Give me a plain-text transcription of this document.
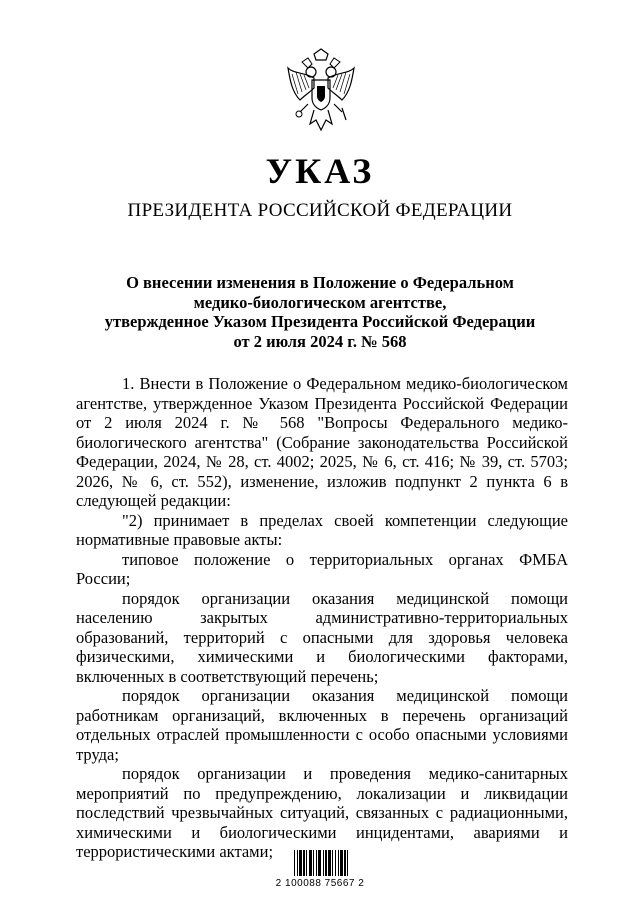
УКАЗ
ПРЕЗИДЕНТА РОССИЙСКОЙ ФЕДЕРАЦИИ
О внесении изменения в Положение о Федеральном
медико-биологическом агентстве,
утвержденное Указом Президента Российской Федерации
от 2 июля 2024 г. № 568

1. Внести в Положение о Федеральном медико-биологическом агентстве, утвержденное Указом Президента Российской Федерации от 2 июля 2024 г. № 568 "Вопросы Федерального медико-биологического агентства" (Собрание законодательства Российской Федерации, 2024, № 28, ст. 4002; 2025, № 6, ст. 416; № 39, ст. 5703; 2026, № 6, ст. 552), изменение, изложив подпункт 2 пункта 6 в следующей редакции:

"2) принимает в пределах своей компетенции следующие нормативные правовые акты:

типовое положение о территориальных органах ФМБА России;

порядок организации оказания медицинской помощи населению закрытых административно-территориальных образований, территорий с опасными для здоровья человека физическими, химическими и биологическими факторами, включенных в соответствующий перечень;

порядок организации оказания медицинской помощи работникам организаций, включенных в перечень организаций отдельных отраслей промышленности с особо опасными условиями труда;

порядок организации и проведения медико-санитарных мероприятий по предупреждению, локализации и ликвидации последствий чрезвычайных ситуаций, связанных с радиационными, химическими и биологическими инцидентами, авариями и террористическими актами;

2 100088 75667 2
